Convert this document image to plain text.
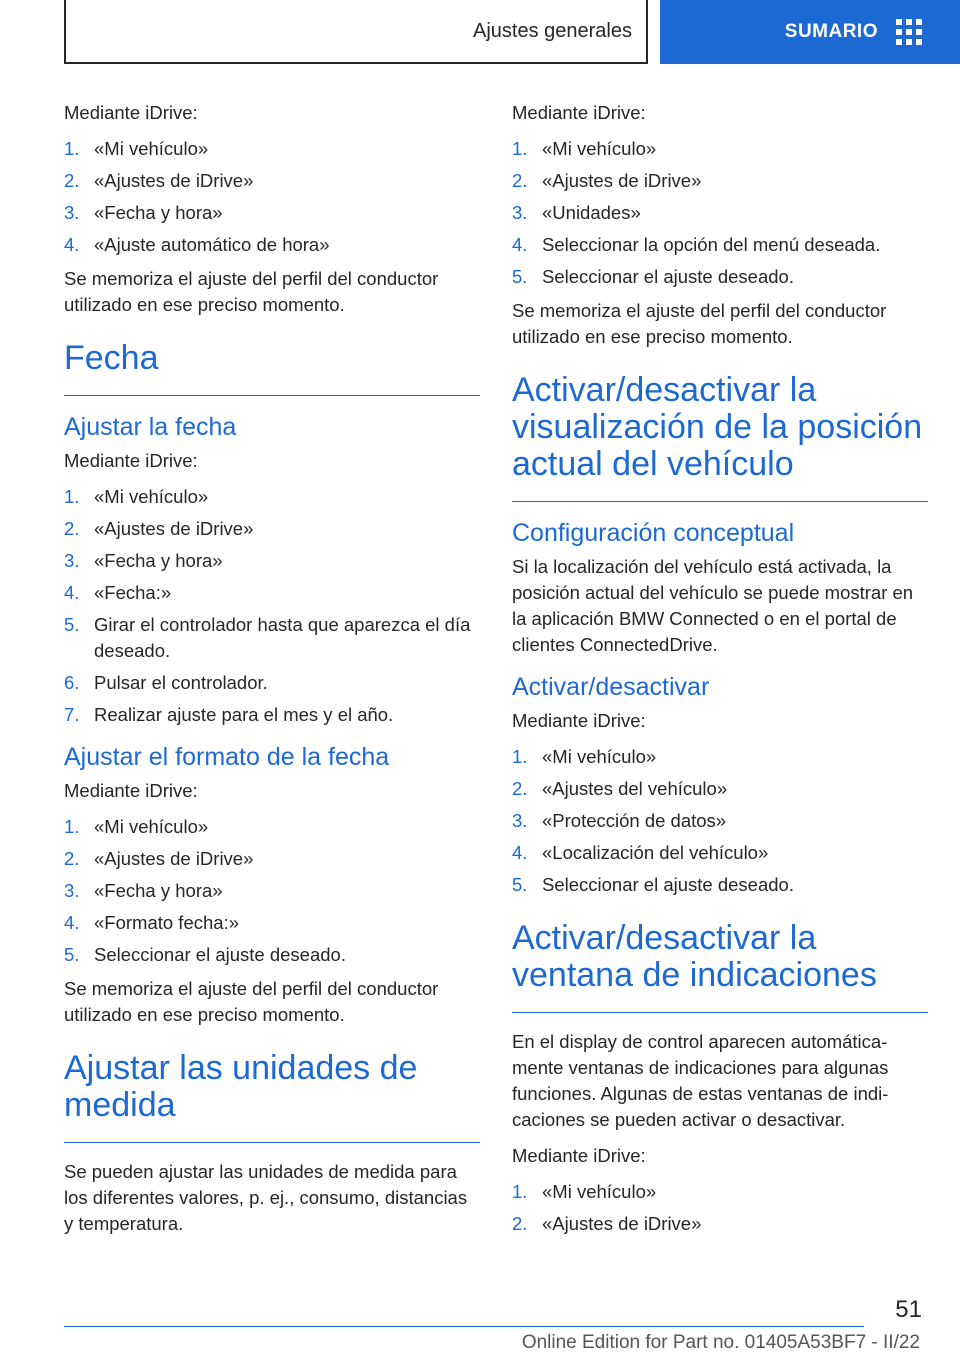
Ajustes generales	SUMARIO

Mediante iDrive:

1. «Mi vehículo»
2. «Ajustes de iDrive»
3. «Fecha y hora»
4. «Ajuste automático de hora»

Se memoriza el ajuste del perfil del conductor utilizado en ese preciso momento.

Fecha
Ajustar la fecha

Mediante iDrive:

1. «Mi vehículo»
2. «Ajustes de iDrive»
3. «Fecha y hora»
4. «Fecha:»
5. Girar el controlador hasta que aparezca el día deseado.
6. Pulsar el controlador.
7. Realizar ajuste para el mes y el año.
Ajustar el formato de la fecha

Mediante iDrive:

1. «Mi vehículo»
2. «Ajustes de iDrive»
3. «Fecha y hora»
4. «Formato fecha:»
5. Seleccionar el ajuste deseado.

Se memoriza el ajuste del perfil del conductor utilizado en ese preciso momento.

Ajustar las unidades de medida

Se pueden ajustar las unidades de medida para los diferentes valores, p. ej., consumo, distancias y temperatura.

Mediante iDrive:

1. «Mi vehículo»
2. «Ajustes de iDrive»
3. «Unidades»
4. Seleccionar la opción del menú deseada.
5. Seleccionar el ajuste deseado.

Se memoriza el ajuste del perfil del conductor utilizado en ese preciso momento.

Activar/desactivar la visualización de la posición actual del vehículo
Configuración conceptual

Si la localización del vehículo está activada, la posición actual del vehículo se puede mostrar en la aplicación BMW Connected o en el portal de clientes ConnectedDrive.

Activar/desactivar

Mediante iDrive:

1. «Mi vehículo»
2. «Ajustes del vehículo»
3. «Protección de datos»
4. «Localización del vehículo»
5. Seleccionar el ajuste deseado.
Activar/desactivar la ventana de indicaciones

En el display de control aparecen automática‐mente ventanas de indicaciones para algunas funciones. Algunas de estas ventanas de indi‐caciones se pueden activar o desactivar.

Mediante iDrive:

1. «Mi vehículo»
2. «Ajustes de iDrive»
51
Online Edition for Part no. 01405A53BF7 - II/22
